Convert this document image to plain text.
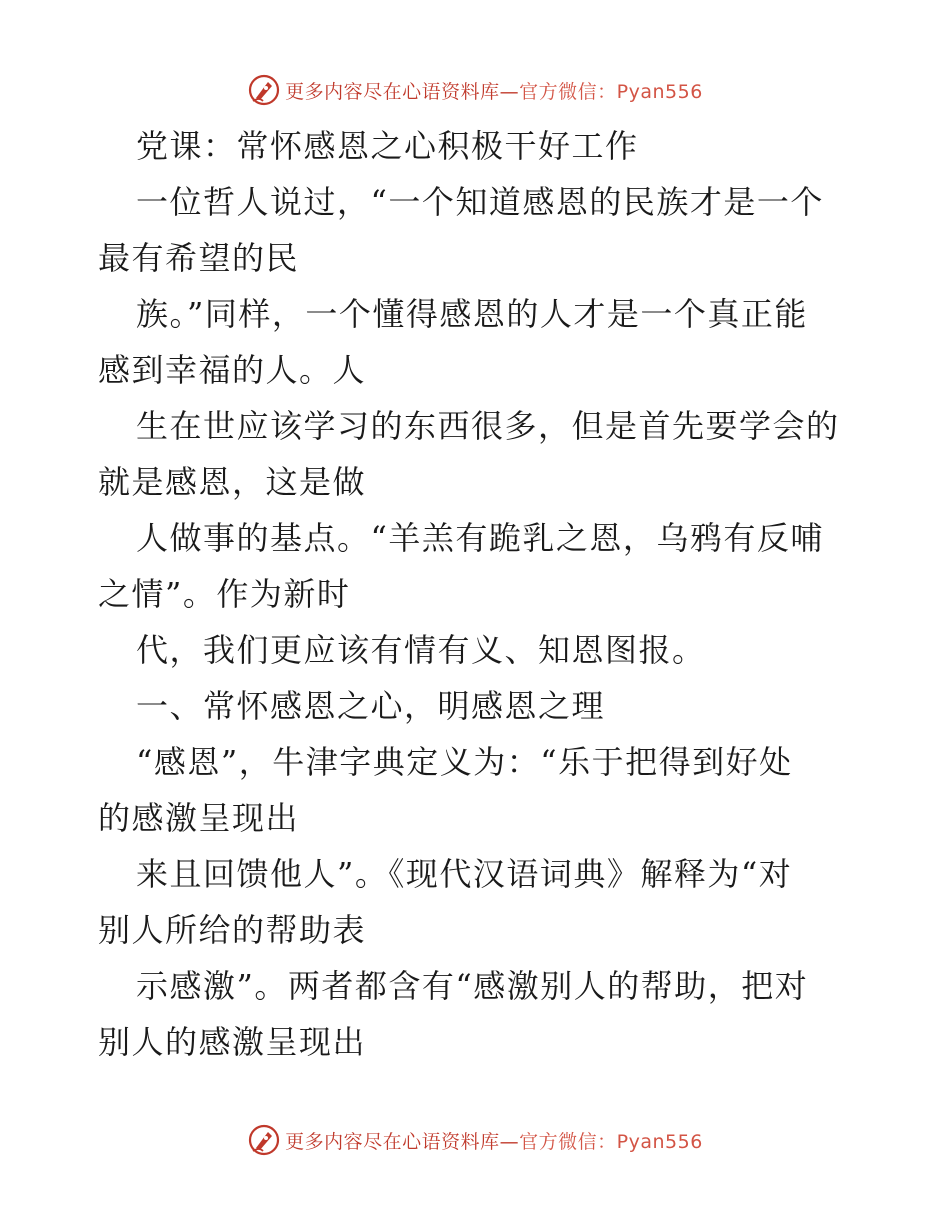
更多内容尽在心语资料库—官方微信：Pyan556
党课：常怀感恩之心积极干好工作
一位哲人说过，“一个知道感恩的民族才是一个
最有希望的民
族。”同样，一个懂得感恩的人才是一个真正能
感到幸福的人。人
生在世应该学习的东西很多，但是首先要学会的
就是感恩，这是做
人做事的基点。“羊羔有跪乳之恩，乌鸦有反哺
之情”。作为新时
代，我们更应该有情有义、知恩图报。
一、常怀感恩之心，明感恩之理
“感恩”，牛津字典定义为：“乐于把得到好处
的感激呈现出
来且回馈他人”。《现代汉语词典》解释为“对
别人所给的帮助表
示感激”。两者都含有“感激别人的帮助，把对
别人的感激呈现出
更多内容尽在心语资料库—官方微信：Pyan556
